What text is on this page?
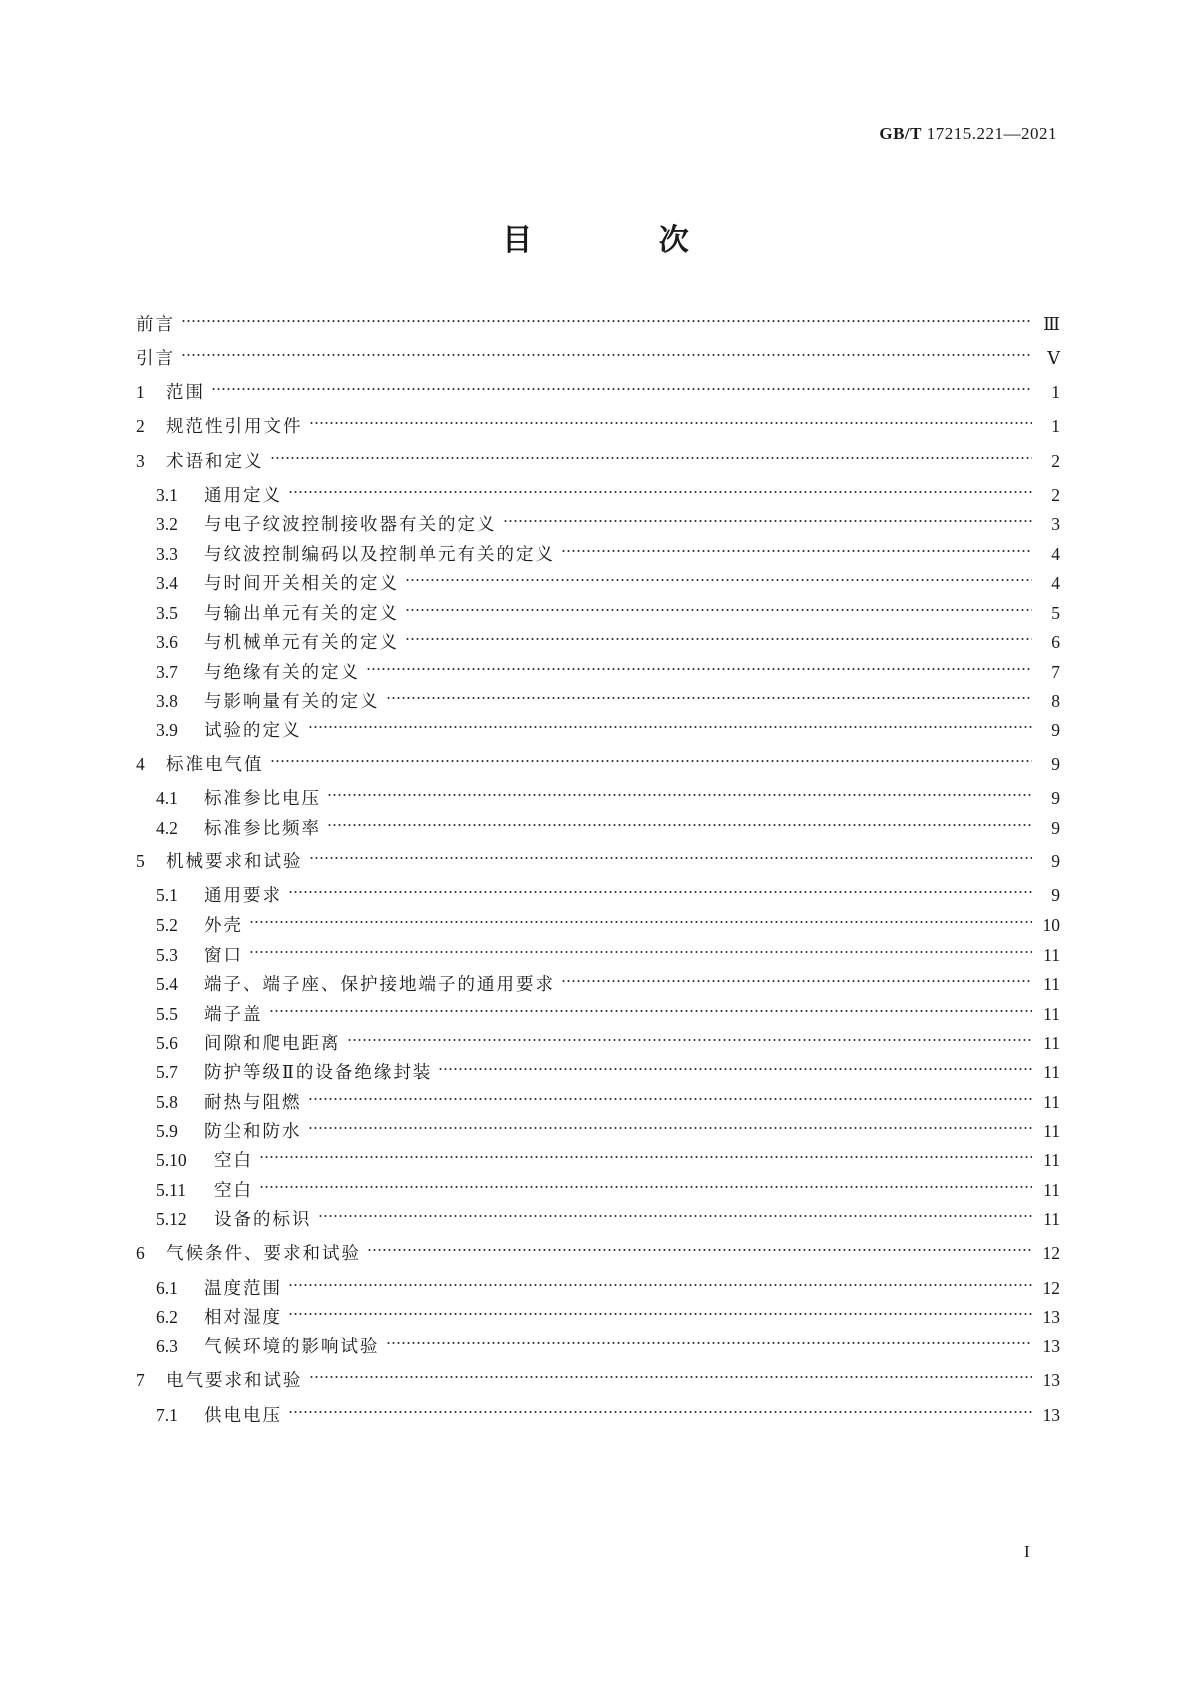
GB/T 17215.221—2021
目 次
前言	Ⅲ
引言	Ⅴ
1	范围	1
2	规范性引用文件	1
3	术语和定义	2
3.1	通用定义	2
3.2	与电子纹波控制接收器有关的定义	3
3.3	与纹波控制编码以及控制单元有关的定义	4
3.4	与时间开关相关的定义	4
3.5	与输出单元有关的定义	5
3.6	与机械单元有关的定义	6
3.7	与绝缘有关的定义	7
3.8	与影响量有关的定义	8
3.9	试验的定义	9
4	标准电气值	9
4.1	标准参比电压	9
4.2	标准参比频率	9
5	机械要求和试验	9
5.1	通用要求	9
5.2	外壳	10
5.3	窗口	11
5.4	端子、端子座、保护接地端子的通用要求	11
5.5	端子盖	11
5.6	间隙和爬电距离	11
5.7	防护等级Ⅱ的设备绝缘封装	11
5.8	耐热与阻燃	11
5.9	防尘和防水	11
5.10	空白	11
5.11	空白	11
5.12	设备的标识	11
6	气候条件、要求和试验	12
6.1	温度范围	12
6.2	相对湿度	13
6.3	气候环境的影响试验	13
7	电气要求和试验	13
7.1	供电电压	13
I
